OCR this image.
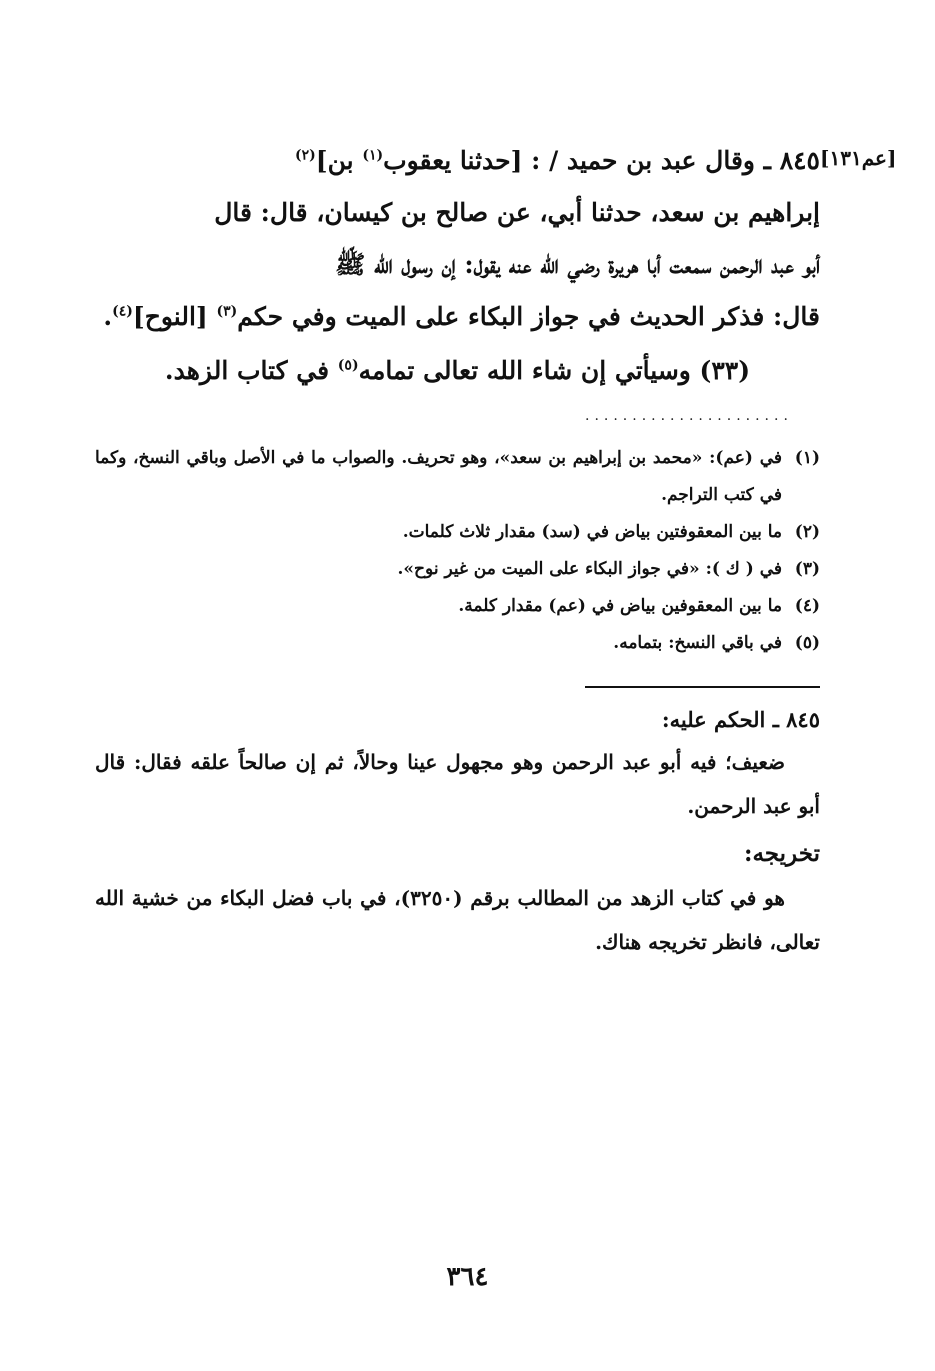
[عم١٣١]

٨٤٥ ـ وقال عبد بن حميد / : [حدثنا يعقوب$^{(١)}$ بن]$^{(٢)}$

إبراهيم بن سعد، حدثنا أبي، عن صالح بن كيسان، قال: قال

أبو عبد الرحمن سمعت أبا هريرة رضي الله عنه يقول: إن رسول الله ﷺ

قال: فذكر الحديث في جواز البكاء على الميت وفي حكم$^{(٣)}$ [النوح]$^{(٤)}$.

(٣٣) وسيأتي إن شاء الله تعالى تمامه$^{(٥)}$ في كتاب الزهد.

......................
(١)
في (عم): «محمد بن إبراهيم بن سعد»، وهو تحريف. والصواب ما في الأصل وباقي النسخ، وكما في كتب التراجم.
(٢)
ما بين المعقوفتين بياض في (سد) مقدار ثلاث كلمات.
(٣)
في ( ك ): «في جواز البكاء على الميت من غير نوح».
(٤)
ما بين المعقوفين بياض في (عم) مقدار كلمة.
(٥)
في باقي النسخ: بتمامه.
٨٤٥ ـ الحكم عليه:

ضعيف؛ فيه أبو عبد الرحمن وهو مجهول عينا وحالاً، ثم إن صالحاً علقه فقال: قال أبو عبد الرحمن.

تخريجه:

هو في كتاب الزهد من المطالب برقم (٣٢٥٠)، في باب فضل البكاء من خشية الله تعالى، فانظر تخريجه هناك.

٣٦٤
